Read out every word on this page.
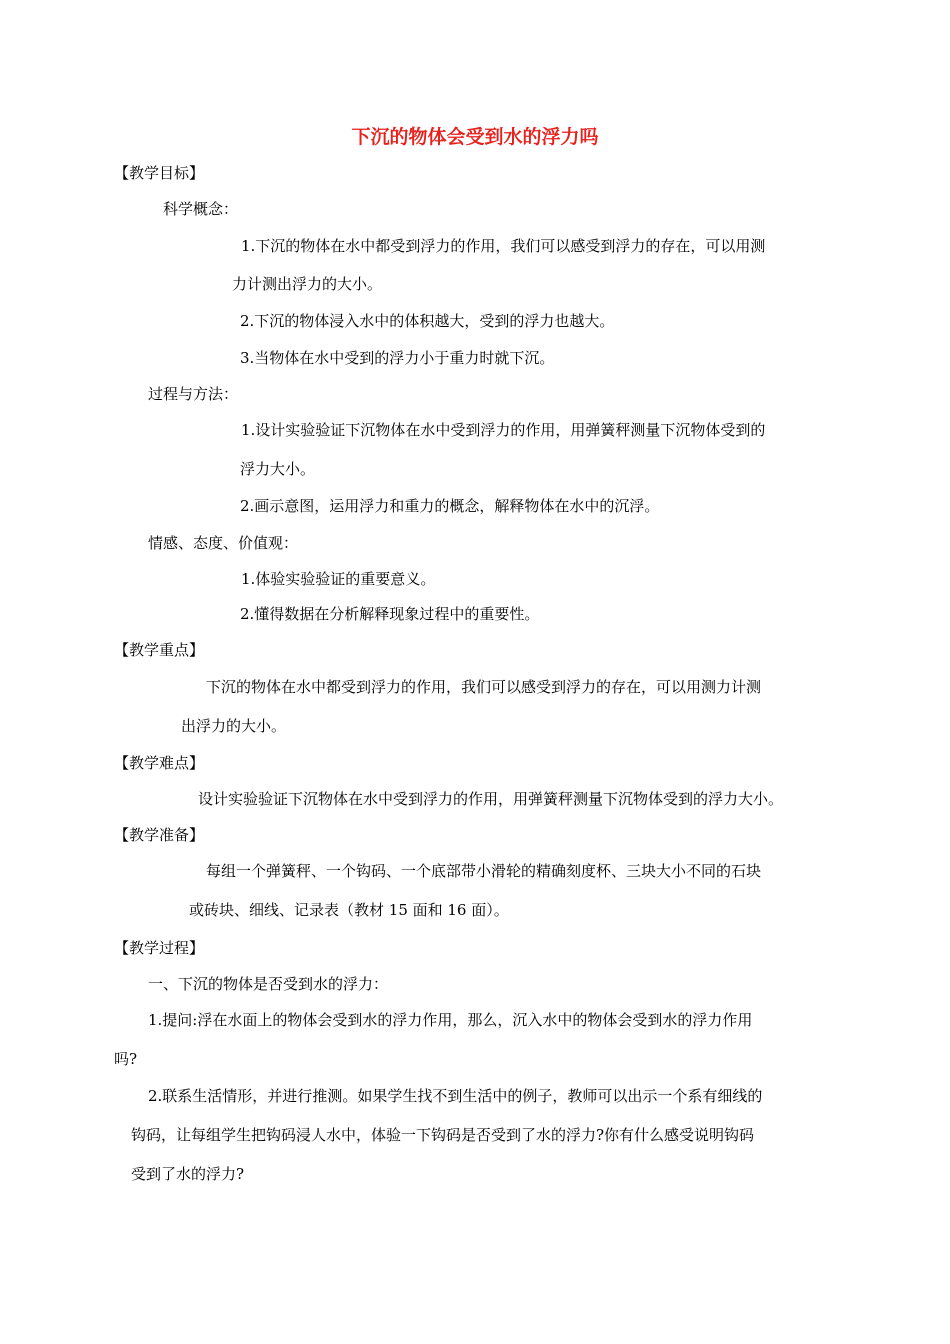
下沉的物体会受到水的浮力吗
【教学目标】
科学概念：
1.下沉的物体在水中都受到浮力的作用，我们可以感受到浮力的存在，可以用测
力计测出浮力的大小。
2.下沉的物体浸入水中的体积越大，受到的浮力也越大。
3.当物体在水中受到的浮力小于重力时就下沉。
过程与方法：
1.设计实验验证下沉物体在水中受到浮力的作用，用弹簧秤测量下沉物体受到的
浮力大小。
2.画示意图，运用浮力和重力的概念，解释物体在水中的沉浮。
情感、态度、价值观：
1.体验实验验证的重要意义。
2.懂得数据在分析解释现象过程中的重要性。
【教学重点】
下沉的物体在水中都受到浮力的作用，我们可以感受到浮力的存在，可以用测力计测
出浮力的大小。
【教学难点】
设计实验验证下沉物体在水中受到浮力的作用，用弹簧秤测量下沉物体受到的浮力大小。
【教学准备】
每组一个弹簧秤、一个钩码、一个底部带小滑轮的精确刻度杯、三块大小不同的石块
或砖块、细线、记录表（教材 15 面和 16 面）。
【教学过程】
一、下沉的物体是否受到水的浮力：
1.提问:浮在水面上的物体会受到水的浮力作用，那么，沉入水中的物体会受到水的浮力作用
吗?
2.联系生活情形，并进行推测。如果学生找不到生活中的例子，教师可以出示一个系有细线的
钩码，让每组学生把钩码浸人水中，体验一下钩码是否受到了水的浮力?你有什么感受说明钩码
受到了水的浮力?
